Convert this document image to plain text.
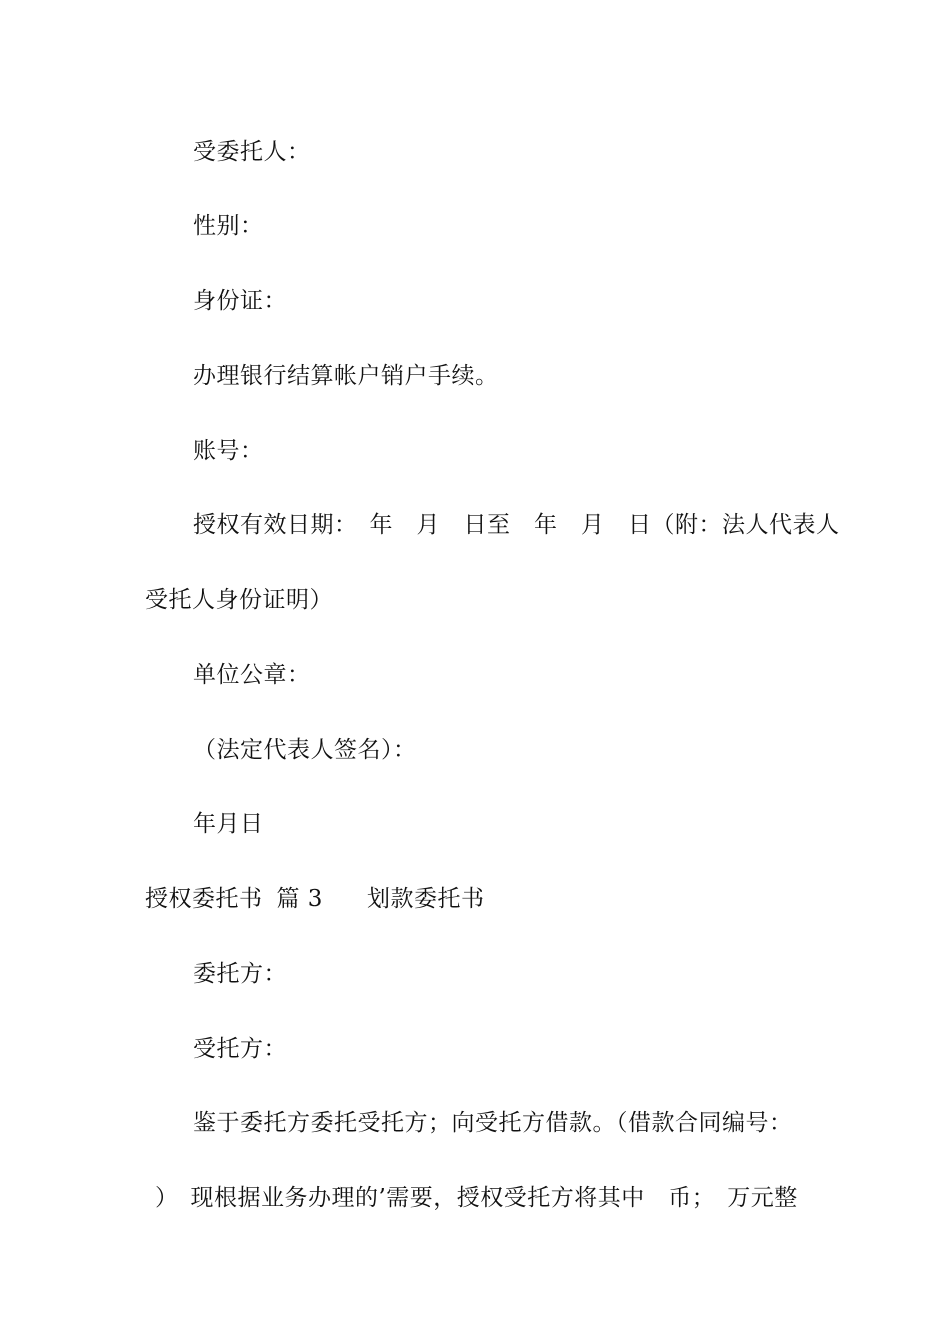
受委托人：
性别：
身份证：
办理银行结算帐户销户手续。
账号：
授权有效日期：　年　月　日至　年　月　日（附：法人代表人
受托人身份证明）
单位公章：
（法定代表人签名）：
年月日
授权委托书 篇 3 划款委托书
委托方：
受托方：
鉴于委托方委托受托方；向受托方借款。（借款合同编号：
）　现根据业务办理的’需要，授权受托方将其中　币；　万元整
